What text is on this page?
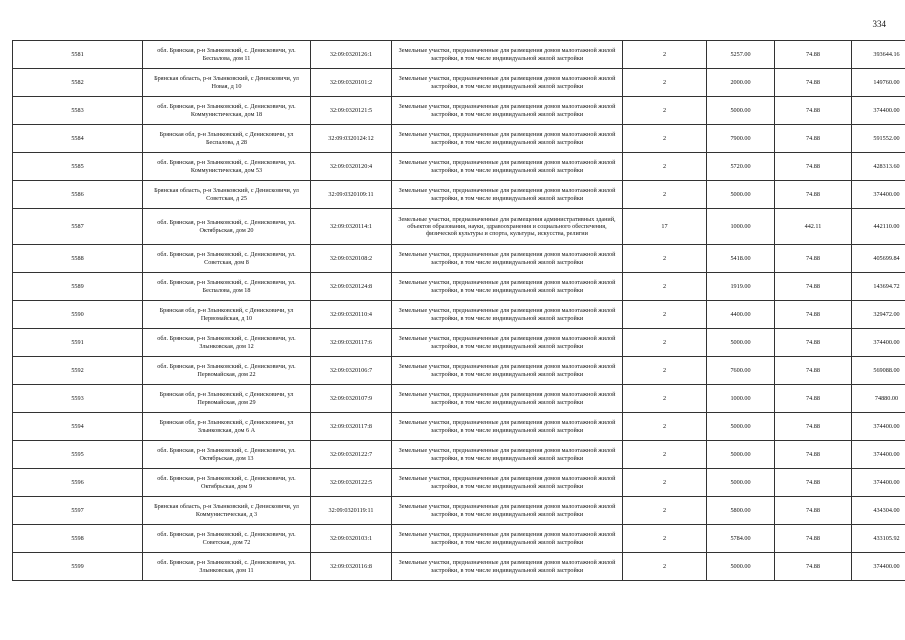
334
5581	обл. Брянская, р-н Злынковский, с. Денисковичи, ул. Беспалова, дом 11	32:09:0320126:1	Земельные участки, предназначенные для размещения домов малоэтажной жилой застройки, в том числе индивидуальной жилой застройки	2	5257.00	74.88	393644.16
5582	Брянская область, р-н Злынковский, с Денисковичи, ул Новая, д 10	32:09:0320101:2	Земельные участки, предназначенные для размещения домов малоэтажной жилой застройки, в том числе индивидуальной жилой застройки	2	2000.00	74.88	149760.00
5583	обл. Брянская, р-н Злынковский, с. Денисковичи, ул. Коммунистическая, дом 18	32:09:0320121:5	Земельные участки, предназначенные для размещения домов малоэтажной жилой застройки, в том числе индивидуальной жилой застройки	2	5000.00	74.88	374400.00
5584	Брянская обл, р-н Злынковский, с Денисковичи, ул Беспалова, д 28	32:09:0320124:12	Земельные участки, предназначенные для размещения домов малоэтажной жилой застройки, в том числе индивидуальной жилой застройки	2	7900.00	74.88	591552.00
5585	обл. Брянская, р-н Злынковский, с. Денисковичи, ул. Коммунистическая, дом 53	32:09:0320120:4	Земельные участки, предназначенные для размещения домов малоэтажной жилой застройки, в том числе индивидуальной жилой застройки	2	5720.00	74.88	428313.60
5586	Брянская область, р-н Злынковский, с Денисковичи, ул Советская, д 25	32:09:0320109:11	Земельные участки, предназначенные для размещения домов малоэтажной жилой застройки, в том числе индивидуальной жилой застройки	2	5000.00	74.88	374400.00
5587	обл. Брянская, р-н Злынковский, с. Денисковичи, ул. Октябрьская, дом 20	32:09:0320114:1	Земельные участки, предназначенные для размещения административных зданий, объектов образования, науки, здравоохранения и социального обеспечения, физической культуры и спорта, культуры, искусства, религии	17	1000.00	442.11	442110.00
5588	обл. Брянская, р-н Злынковский, с. Денисковичи, ул. Советская, дом 8	32:09:0320108:2	Земельные участки, предназначенные для размещения домов малоэтажной жилой застройки, в том числе индивидуальной жилой застройки	2	5418.00	74.88	405699.84
5589	обл. Брянская, р-н Злынковский, с. Денисковичи, ул. Беспалова, дом 18	32:09:0320124:8	Земельные участки, предназначенные для размещения домов малоэтажной жилой застройки, в том числе индивидуальной жилой застройки	2	1919.00	74.88	143694.72
5590	Брянская обл, р-н Злынковский, с Денисковичи, ул Первомайская, д 10	32:09:0320110:4	Земельные участки, предназначенные для размещения домов малоэтажной жилой застройки, в том числе индивидуальной жилой застройки	2	4400.00	74.88	329472.00
5591	обл. Брянская, р-н Злынковский, с. Денисковичи, ул. Злынковская, дом 12	32:09:0320117:6	Земельные участки, предназначенные для размещения домов малоэтажной жилой застройки, в том числе индивидуальной жилой застройки	2	5000.00	74.88	374400.00
5592	обл. Брянская, р-н Злынковский, с. Денисковичи, ул. Первомайская, дом 22	32:09:0320106:7	Земельные участки, предназначенные для размещения домов малоэтажной жилой застройки, в том числе индивидуальной жилой застройки	2	7600.00	74.88	569088.00
5593	Брянская обл, р-н Злынковский, с Денисковичи, ул Первомайская, дом 29	32:09:0320107:9	Земельные участки, предназначенные для размещения домов малоэтажной жилой застройки, в том числе индивидуальной жилой застройки	2	1000.00	74.88	74880.00
5594	Брянская обл, р-н Злынковский, с Денисковичи, ул Злынковская, дом 6 А	32:09:0320117:8	Земельные участки, предназначенные для размещения домов малоэтажной жилой застройки, в том числе индивидуальной жилой застройки	2	5000.00	74.88	374400.00
5595	обл. Брянская, р-н Злынковский, с. Денисковичи, ул. Октябрьская, дом 13	32:09:0320122:7	Земельные участки, предназначенные для размещения домов малоэтажной жилой застройки, в том числе индивидуальной жилой застройки	2	5000.00	74.88	374400.00
5596	обл. Брянская, р-н Злынковский, с. Денисковичи, ул. Октябрьская, дом 9	32:09:0320122:5	Земельные участки, предназначенные для размещения домов малоэтажной жилой застройки, в том числе индивидуальной жилой застройки	2	5000.00	74.88	374400.00
5597	Брянская область, р-н Злынковский, с Денисковичи, ул Коммунистическая, д 3	32:09:0320119:11	Земельные участки, предназначенные для размещения домов малоэтажной жилой застройки, в том числе индивидуальной жилой застройки	2	5800.00	74.88	434304.00
5598	обл. Брянская, р-н Злынковский, с. Денисковичи, ул. Советская, дом 72	32:09:0320103:1	Земельные участки, предназначенные для размещения домов малоэтажной жилой застройки, в том числе индивидуальной жилой застройки	2	5784.00	74.88	433105.92
5599	обл. Брянская, р-н Злынковский, с. Денисковичи, ул. Злынковская, дом 11	32:09:0320116:8	Земельные участки, предназначенные для размещения домов малоэтажной жилой застройки, в том числе индивидуальной жилой застройки	2	5000.00	74.88	374400.00
